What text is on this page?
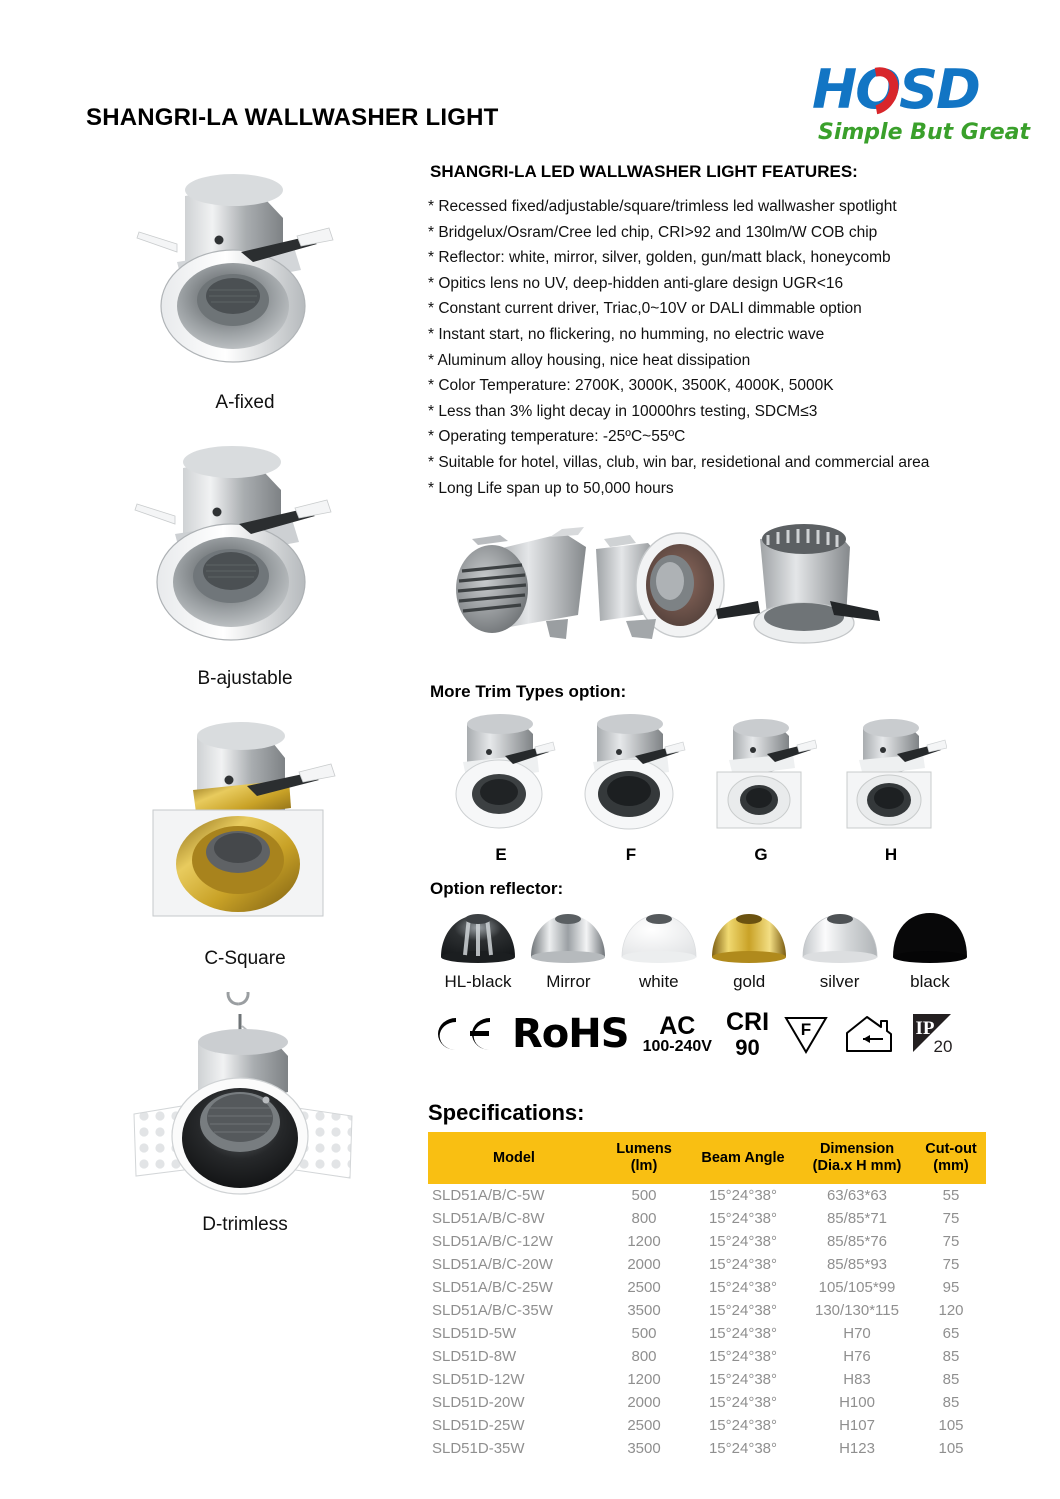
SHANGRI-LA WALLWASHER LIGHT	HOSD
Simple But Great
A-fixed
B-ajustable
C-Square
D-trimless
SHANGRI-LA LED WALLWASHER LIGHT FEATURES:
* Recessed fixed/adjustable/square/trimless led wallwasher spotlight
* Bridgelux/Osram/Cree led chip, CRI>92 and 130lm/W COB chip
* Reflector: white, mirror, silver, golden, gun/matt black, honeycomb
* Opitics lens no UV, deep-hidden anti-glare design UGR<16
* Constant current driver, Triac,0~10V or DALI dimmable option
* Instant start, no flickering, no humming, no electric wave
* Aluminum alloy housing, nice heat dissipation
* Color Temperature: 2700K, 3000K, 3500K, 4000K, 5000K
* Less than 3% light decay in 10000hrs testing, SDCM≤3
* Operating temperature: -25ºC~55ºC
* Suitable for hotel, villas, club, win bar, residetional and commercial area
* Long Life span up to 50,000 hours
More Trim Types option:
E	F	G	H
Option reflector:
HL-black	Mirror	white	gold	silver	black
RoHS	AC
100-240V
CRI
90
F	IP
20
Specifications:
Model	Lumens
(lm)	Beam Angle	Dimension
(Dia.x H mm)	Cut-out
(mm)
SLD51A/B/C-5W	500	15°24°38°	63/63*63	55
SLD51A/B/C-8W	800	15°24°38°	85/85*71	75
SLD51A/B/C-12W	1200	15°24°38°	85/85*76	75
SLD51A/B/C-20W	2000	15°24°38°	85/85*93	75
SLD51A/B/C-25W	2500	15°24°38°	105/105*99	95
SLD51A/B/C-35W	3500	15°24°38°	130/130*115	120
SLD51D-5W	500	15°24°38°	H70	65
SLD51D-8W	800	15°24°38°	H76	85
SLD51D-12W	1200	15°24°38°	H83	85
SLD51D-20W	2000	15°24°38°	H100	85
SLD51D-25W	2500	15°24°38°	H107	105
SLD51D-35W	3500	15°24°38°	H123	105
